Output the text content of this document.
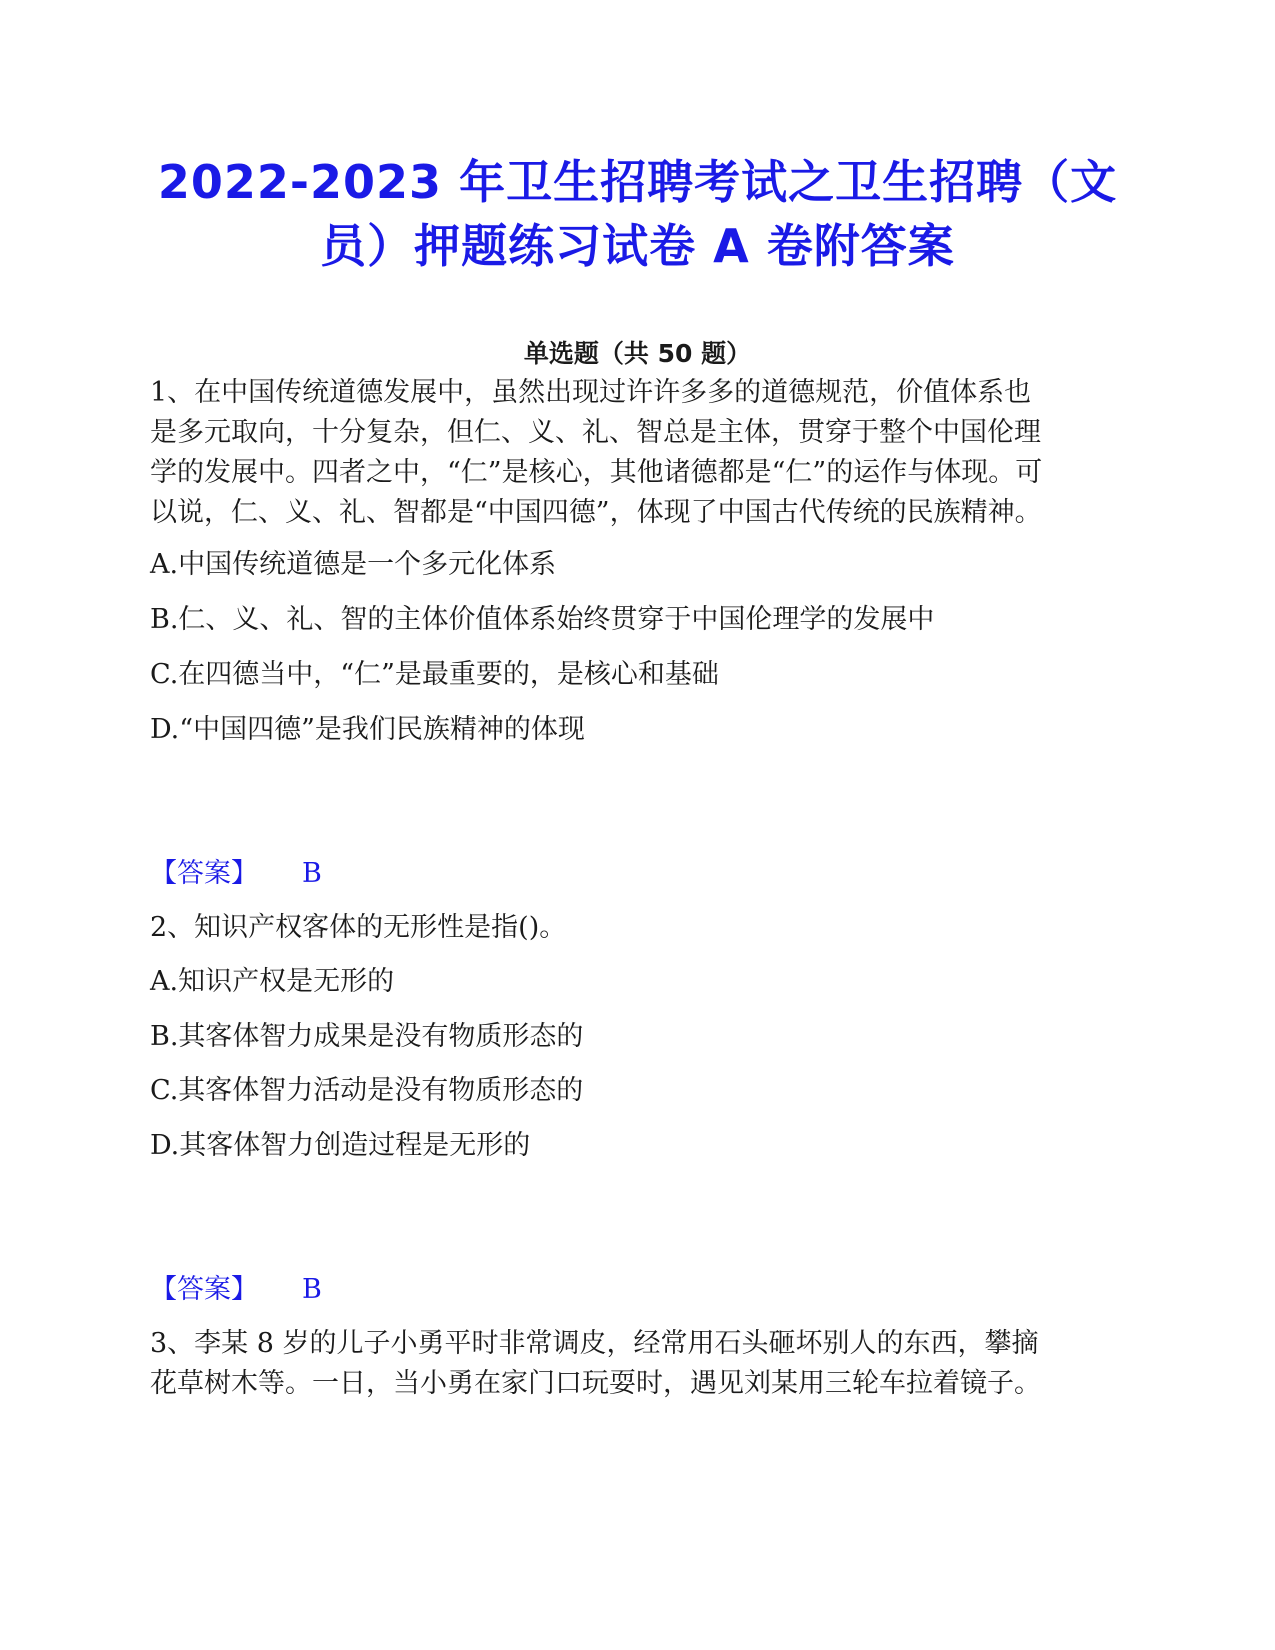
2022-2023 年卫生招聘考试之卫生招聘（文
员）押题练习试卷 A 卷附答案
单选题（共 50 题）
1、在中国传统道德发展中，虽然出现过许许多多的道德规范，价值体系也
是多元取向，十分复杂，但仁、义、礼、智总是主体，贯穿于整个中国伦理
学的发展中。四者之中，“仁”是核心，其他诸德都是“仁”的运作与体现。可
以说，仁、义、礼、智都是“中国四德”，体现了中国古代传统的民族精神。
A.中国传统道德是一个多元化体系
B.仁、义、礼、智的主体价值体系始终贯穿于中国伦理学的发展中
C.在四德当中，“仁”是最重要的，是核心和基础
D.“中国四德”是我们民族精神的体现
【答案】 B
2、知识产权客体的无形性是指()。
A.知识产权是无形的
B.其客体智力成果是没有物质形态的
C.其客体智力活动是没有物质形态的
D.其客体智力创造过程是无形的
【答案】 B
3、李某 8 岁的儿子小勇平时非常调皮，经常用石头砸坏别人的东西，攀摘
花草树木等。一日，当小勇在家门口玩耍时，遇见刘某用三轮车拉着镜子。
